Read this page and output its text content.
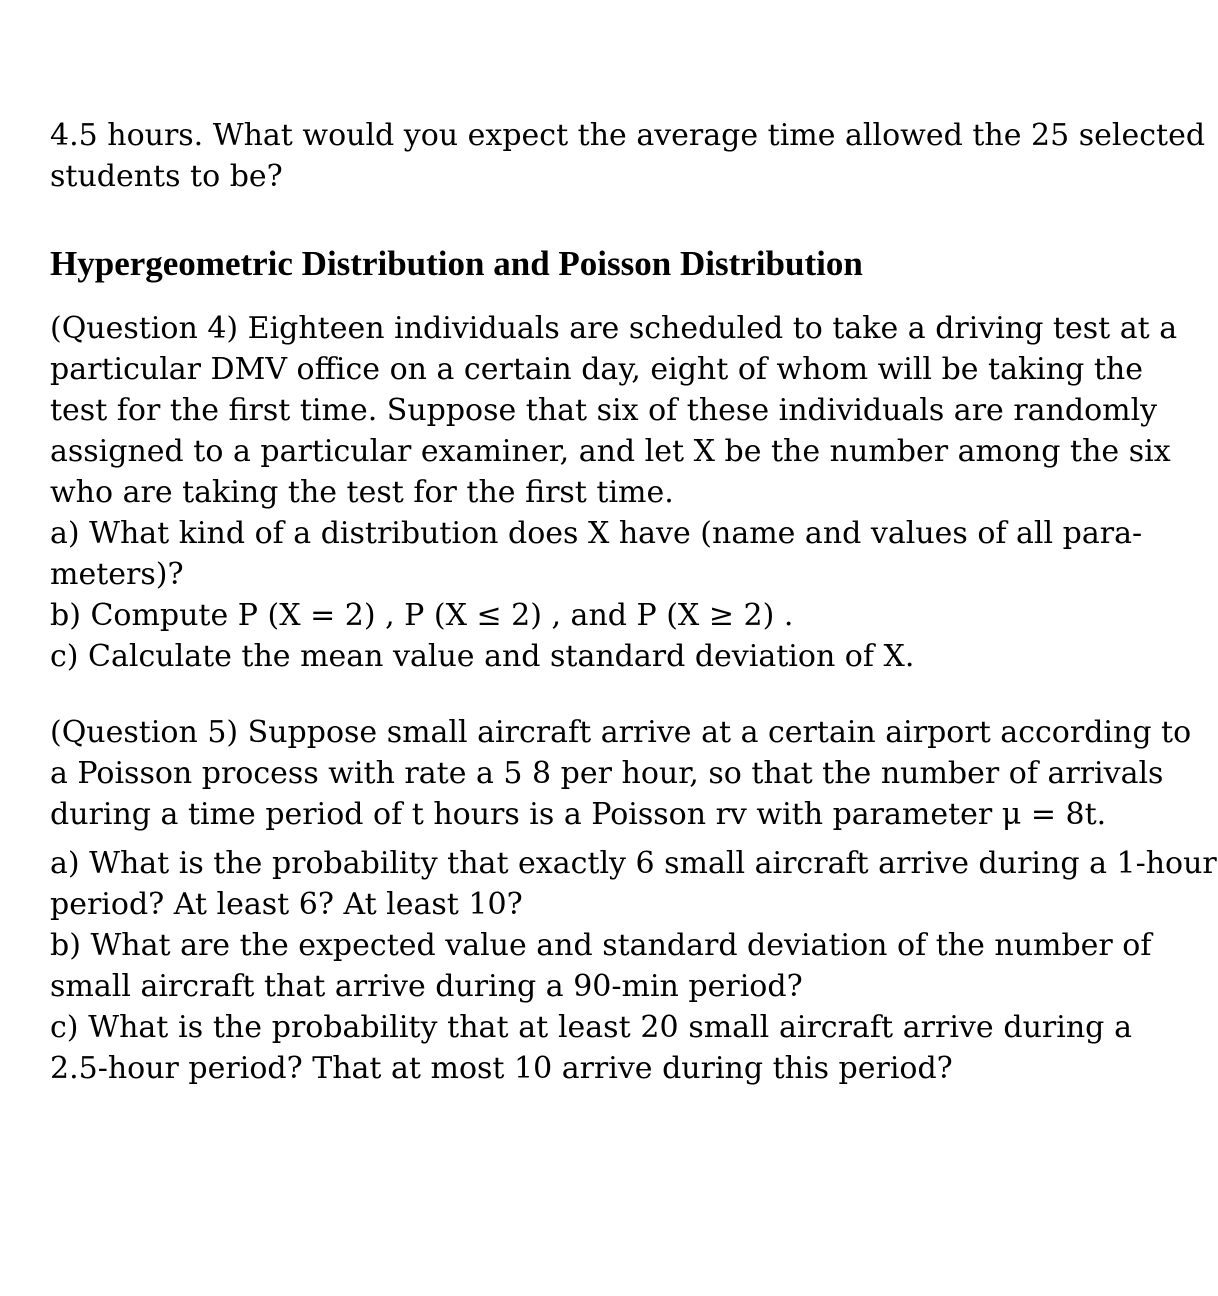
4.5 hours. What would you expect the average time allowed the 25 selected
students to be?

Hypergeometric Distribution and Poisson Distribution

(Question 4) Eighteen individuals are scheduled to take a driving test at a
particular DMV office on a certain day, eight of whom will be taking the
test for the first time. Suppose that six of these individuals are randomly
assigned to a particular examiner, and let X be the number among the six
who are taking the test for the first time.
a) What kind of a distribution does X have (name and values of all para-
meters)?
b) Compute P (X = 2) , P (X ≤ 2) , and P (X ≥ 2) .
c) Calculate the mean value and standard deviation of X.

(Question 5) Suppose small aircraft arrive at a certain airport according to
a Poisson process with rate a 5 8 per hour, so that the number of arrivals
during a time period of t hours is a Poisson rv with parameter μ = 8t.

a) What is the probability that exactly 6 small aircraft arrive during a 1-hour
period? At least 6? At least 10?
b) What are the expected value and standard deviation of the number of
small aircraft that arrive during a 90-min period?
c) What is the probability that at least 20 small aircraft arrive during a
2.5-hour period? That at most 10 arrive during this period?
